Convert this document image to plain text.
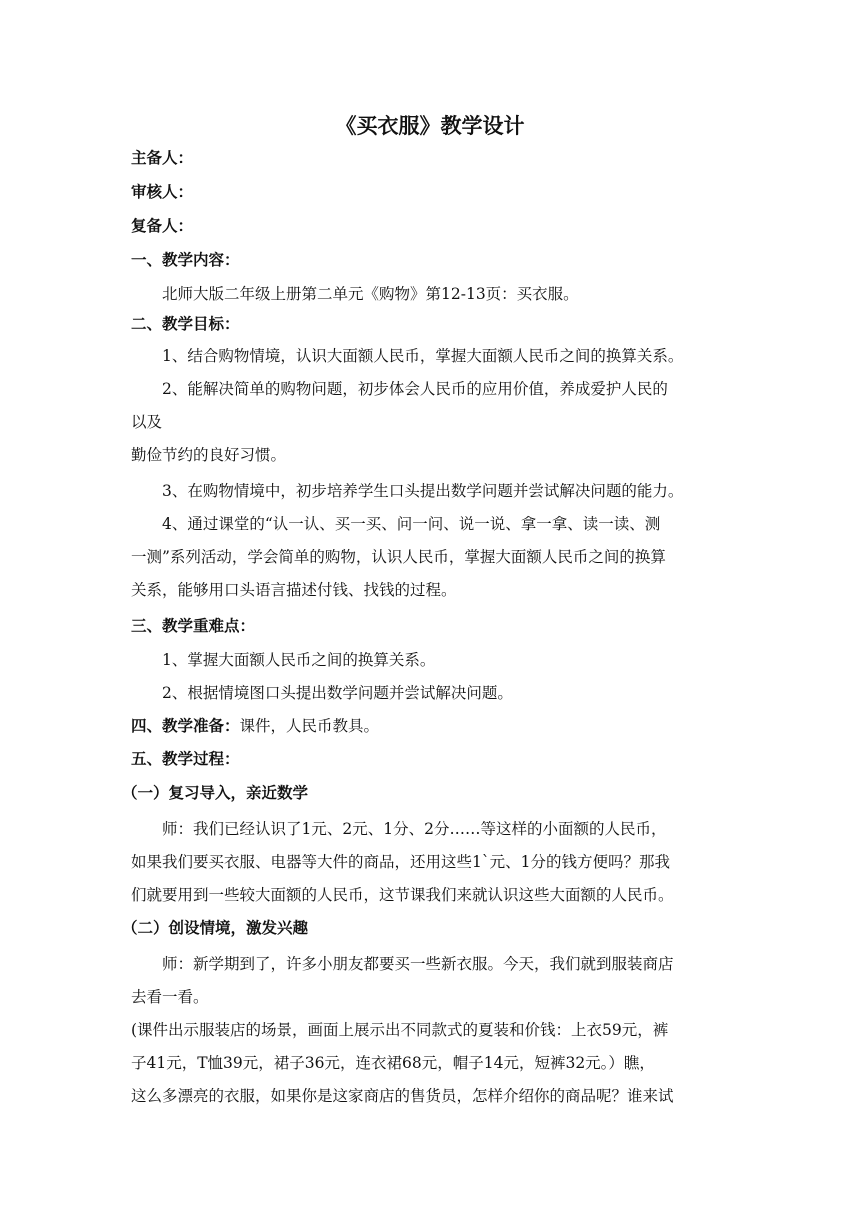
《买衣服》教学设计
主备人：
审核人：
复备人：
一、教学内容：
北师大版二年级上册第二单元《购物》第12-13页：买衣服。
二、教学目标：
1、结合购物情境，认识大面额人民币，掌握大面额人民币之间的换算关系。
2、能解决简单的购物问题，初步体会人民币的应用价值，养成爱护人民的
以及
勤俭节约的良好习惯。
3、在购物情境中，初步培养学生口头提出数学问题并尝试解决问题的能力。
4、通过课堂的“认一认、买一买、问一问、说一说、拿一拿、读一读、测
一测”系列活动，学会简单的购物，认识人民币，掌握大面额人民币之间的换算
关系，能够用口头语言描述付钱、找钱的过程。
三、教学重难点：
1、掌握大面额人民币之间的换算关系。
2、根据情境图口头提出数学问题并尝试解决问题。
四、教学准备：课件，人民币教具。
五、教学过程：
（一）复习导入，亲近数学
师：我们已经认识了1元、2元、1分、2分……等这样的小面额的人民币，
如果我们要买衣服、电器等大件的商品，还用这些1`元、1分的钱方便吗？那我
们就要用到一些较大面额的人民币，这节课我们来就认识这些大面额的人民币。
（二）创设情境，激发兴趣
师：新学期到了，许多小朋友都要买一些新衣服。今天，我们就到服装商店
去看一看。
(课件出示服装店的场景，画面上展示出不同款式的夏装和价钱：上衣59元，裤
子41元，T恤39元，裙子36元，连衣裙68元，帽子14元，短裤32元。）瞧，
这么多漂亮的衣服，如果你是这家商店的售货员，怎样介绍你的商品呢？谁来试
